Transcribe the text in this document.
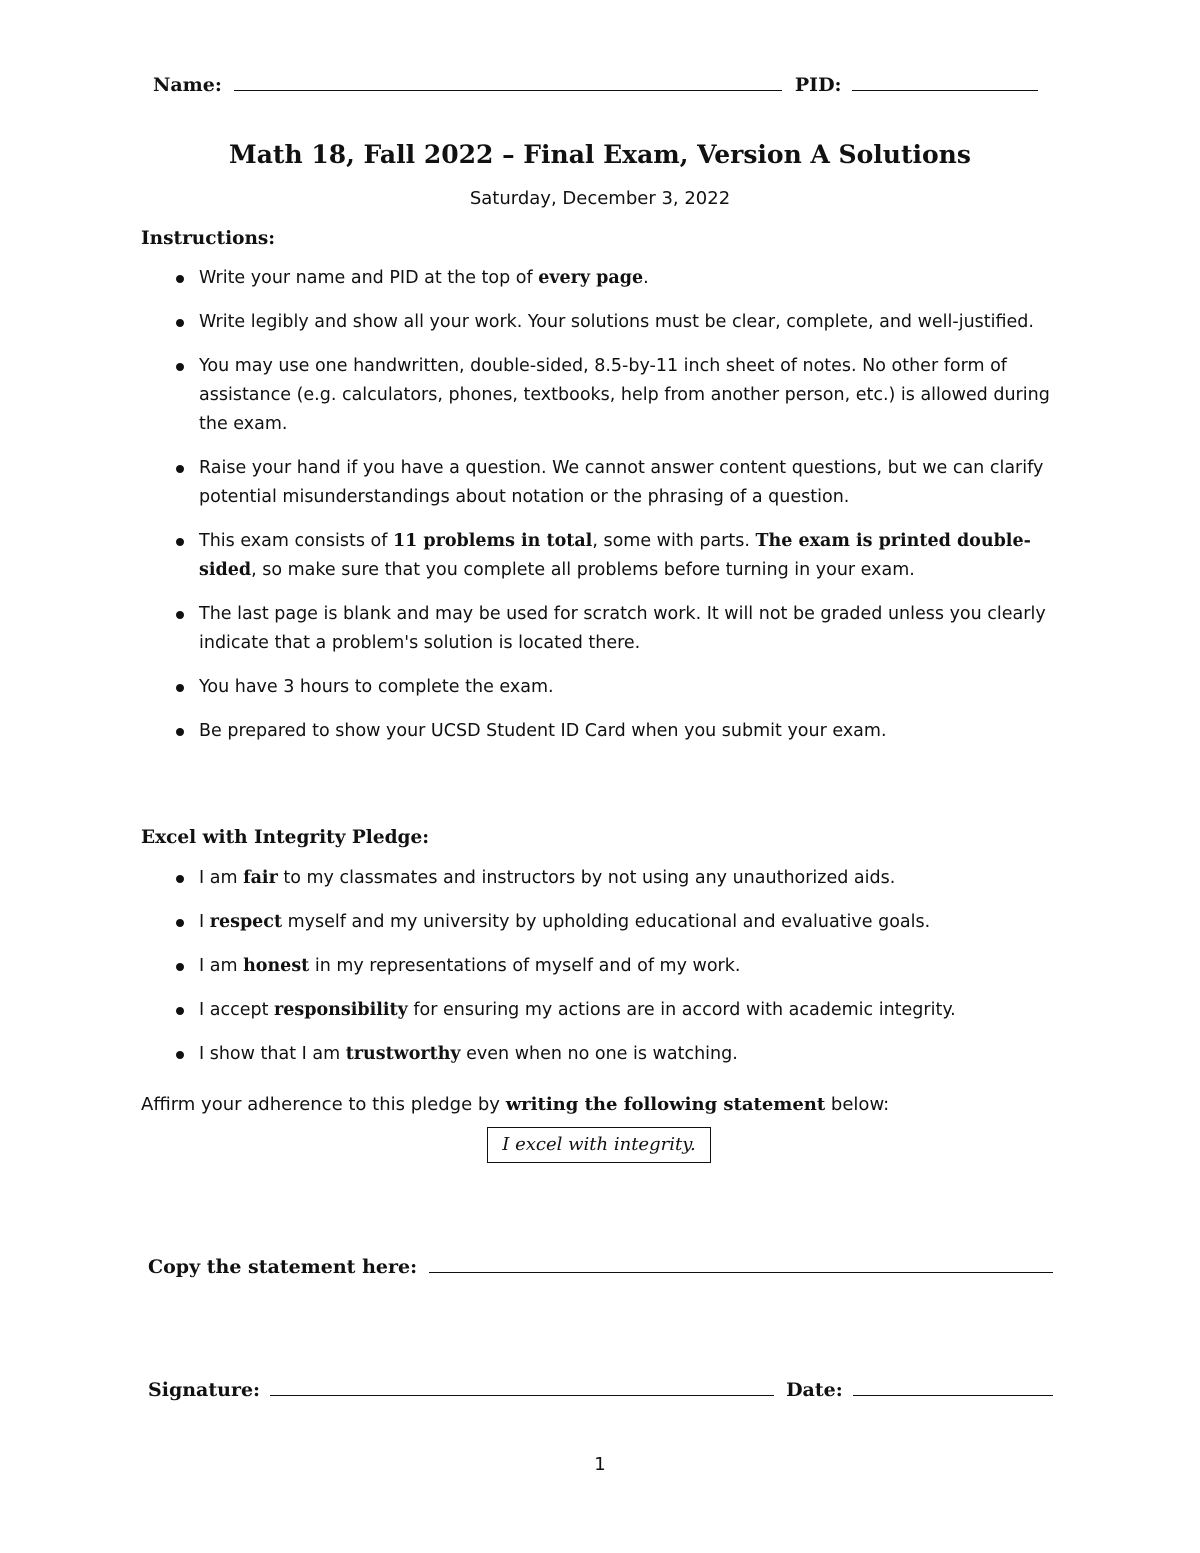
Name:	PID:
Math 18, Fall 2022 – Final Exam, Version A Solutions
Saturday, December 3, 2022
Instructions:
Write your name and PID at the top of every page.
Write legibly and show all your work. Your solutions must be clear, complete, and well-justified.
You may use one handwritten, double-sided, 8.5-by-11 inch sheet of notes. No other form of assistance (e.g. calculators, phones, textbooks, help from another person, etc.) is allowed during the exam.
Raise your hand if you have a question. We cannot answer content questions, but we can clarify potential misunderstandings about notation or the phrasing of a question.
This exam consists of 11 problems in total, some with parts. The exam is printed double-sided, so make sure that you complete all problems before turning in your exam.
The last page is blank and may be used for scratch work. It will not be graded unless you clearly indicate that a problem's solution is located there.
You have 3 hours to complete the exam.
Be prepared to show your UCSD Student ID Card when you submit your exam.
Excel with Integrity Pledge:
I am fair to my classmates and instructors by not using any unauthorized aids.
I respect myself and my university by upholding educational and evaluative goals.
I am honest in my representations of myself and of my work.
I accept responsibility for ensuring my actions are in accord with academic integrity.
I show that I am trustworthy even when no one is watching.
Affirm your adherence to this pledge by writing the following statement below:
I excel with integrity.
Copy the statement here:
Signature:	Date:
1
